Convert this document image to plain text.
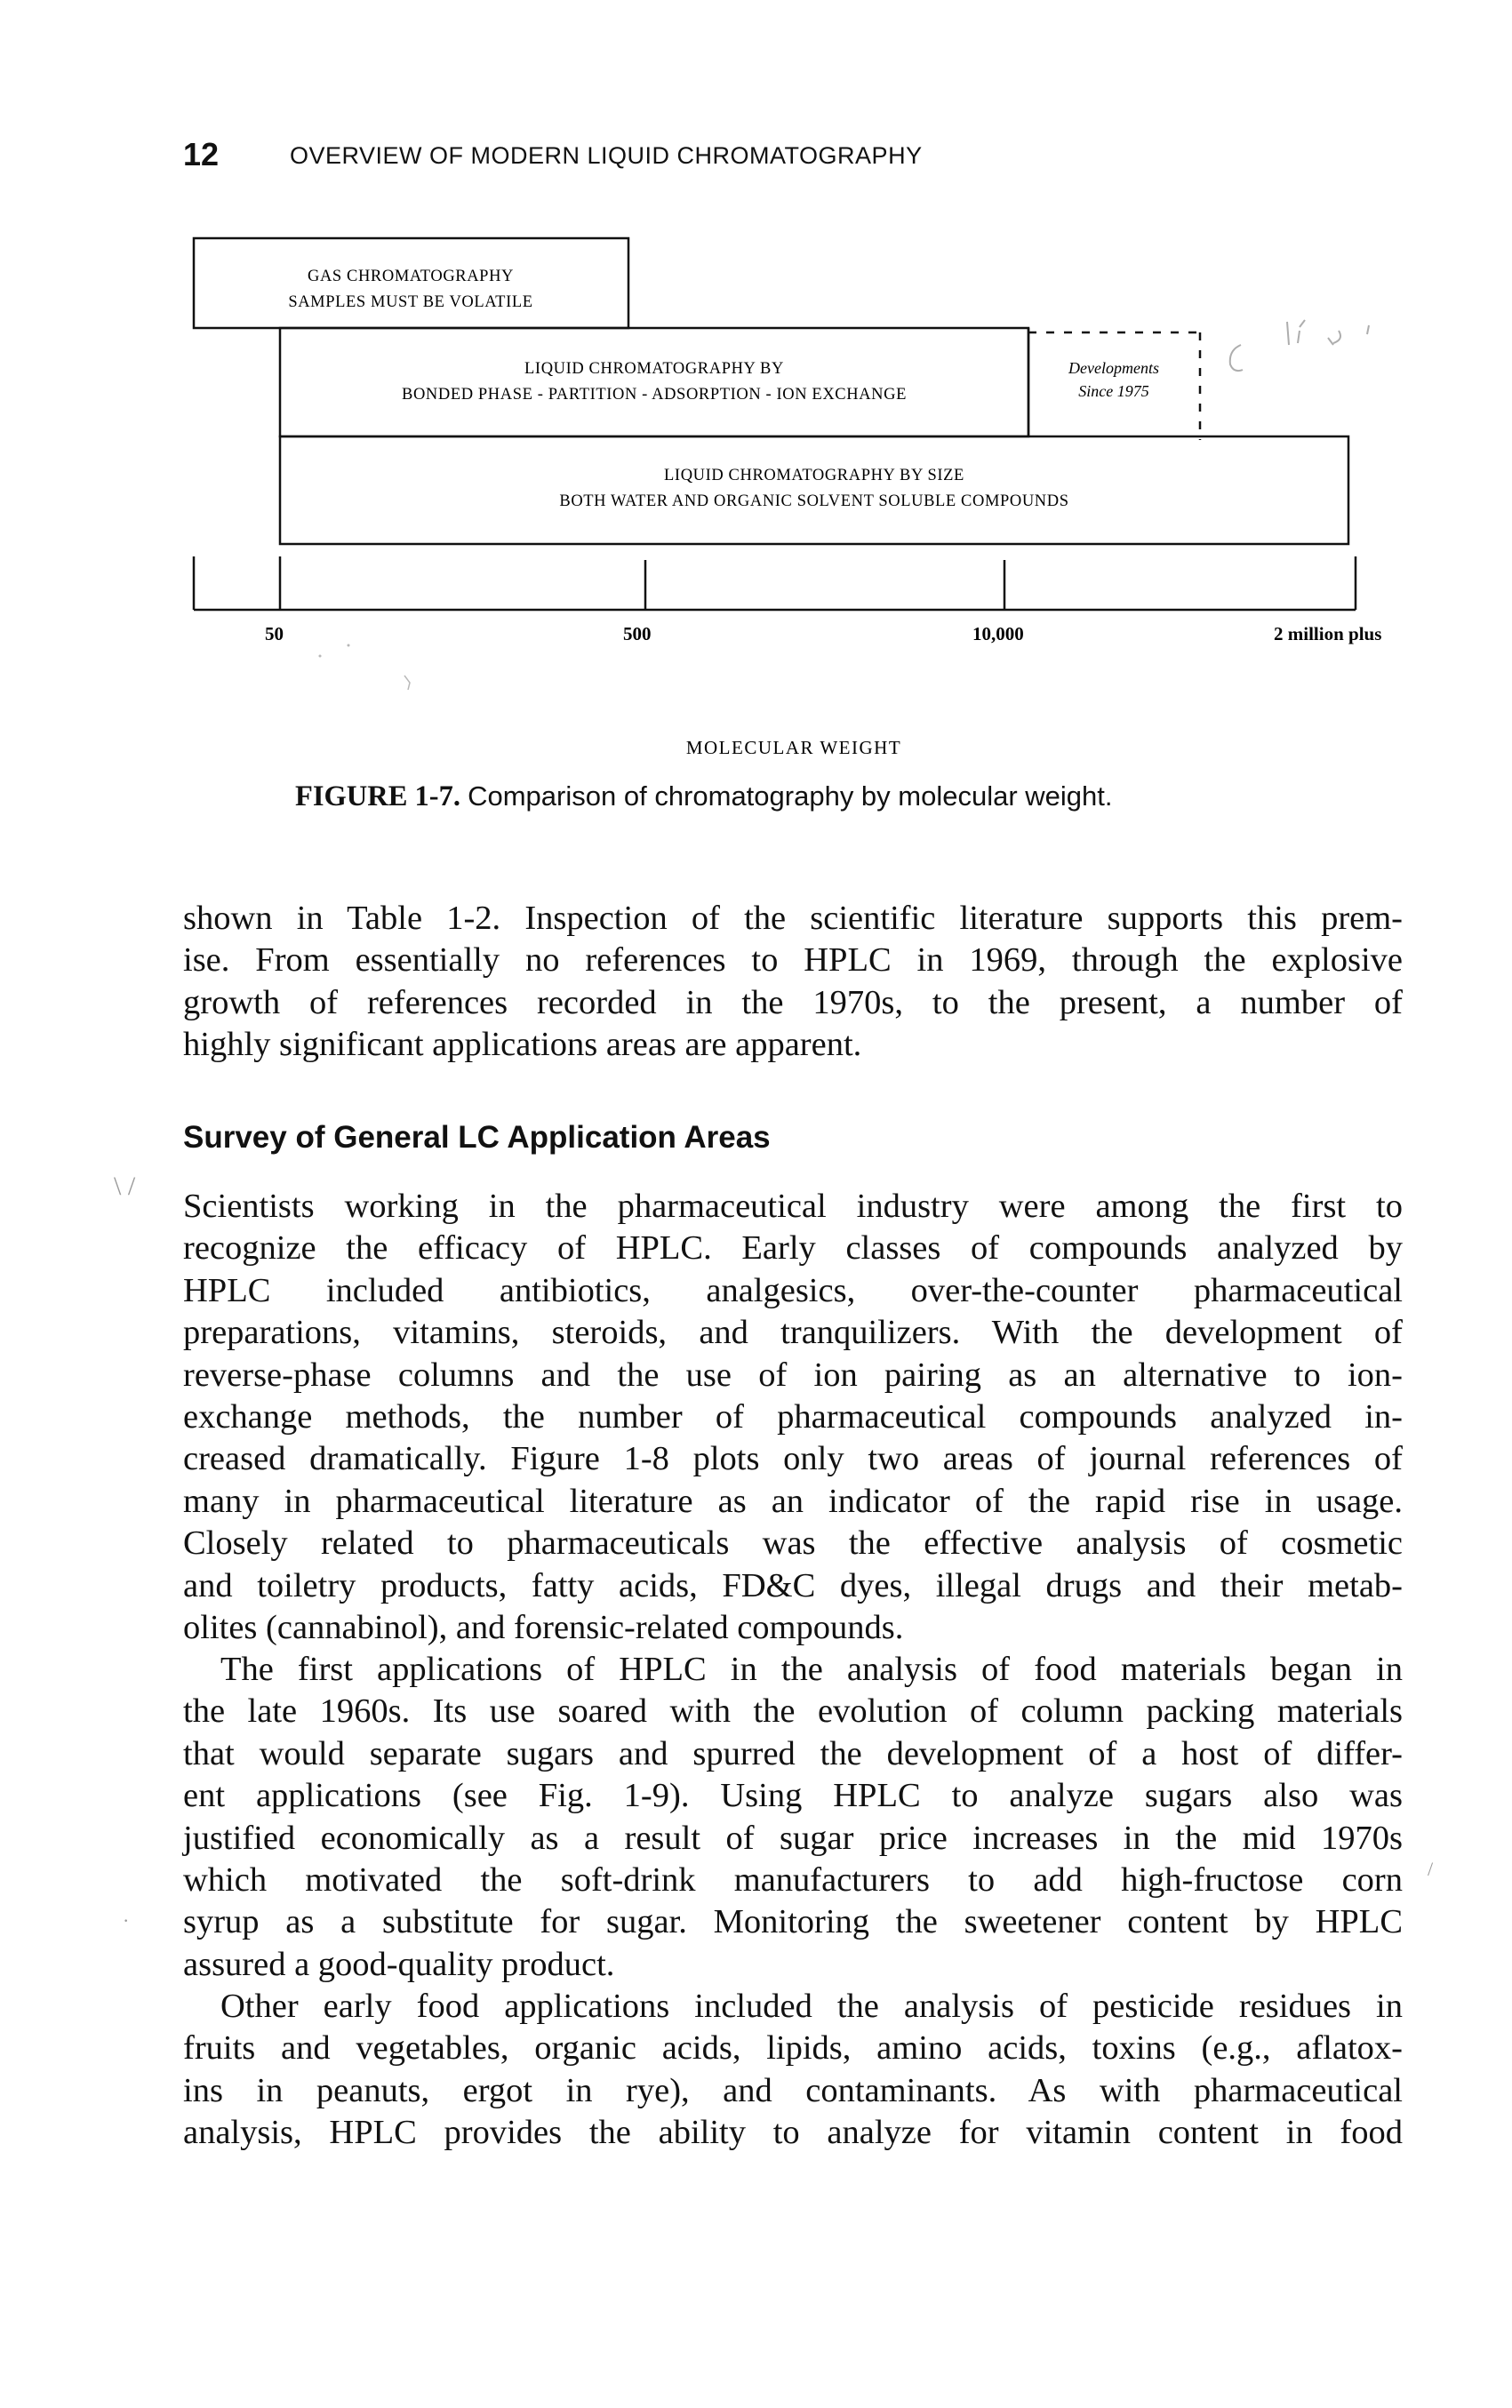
12	OVERVIEW OF MODERN LIQUID CHROMATOGRAPHY
GAS CHROMATOGRAPHY
SAMPLES MUST BE VOLATILE
LIQUID CHROMATOGRAPHY BY
BONDED PHASE - PARTITION - ADSORPTION - ION EXCHANGE
Developments
Since 1975
LIQUID CHROMATOGRAPHY BY SIZE
BOTH WATER AND ORGANIC SOLVENT SOLUBLE COMPOUNDS
50	500	10,000	2 million plus
MOLECULAR WEIGHT
FIGURE 1-7. Comparison of chromatography by molecular weight.
shown in Table 1-2. Inspection of the scientific literature supports this prem-
ise. From essentially no references to HPLC in 1969, through the explosive
growth of references recorded in the 1970s, to the present, a number of
highly significant applications areas are apparent.
Survey of General LC Application Areas
\ /
Scientists working in the pharmaceutical industry were among the first to
recognize the efficacy of HPLC. Early classes of compounds analyzed by
HPLC included antibiotics, analgesics, over-the-counter pharmaceutical
preparations, vitamins, steroids, and tranquilizers. With the development of
reverse-phase columns and the use of ion pairing as an alternative to ion-
exchange methods, the number of pharmaceutical compounds analyzed in-
creased dramatically. Figure 1-8 plots only two areas of journal references of
many in pharmaceutical literature as an indicator of the rapid rise in usage.
Closely related to pharmaceuticals was the effective analysis of cosmetic
and toiletry products, fatty acids, FD&C dyes, illegal drugs and their metab-
olites (cannabinol), and forensic-related compounds.
The first applications of HPLC in the analysis of food materials began in
the late 1960s. Its use soared with the evolution of column packing materials
that would separate sugars and spurred the development of a host of differ-
ent applications (see Fig. 1-9). Using HPLC to analyze sugars also was
justified economically as a result of sugar price increases in the mid 1970s
which motivated the soft-drink manufacturers to add high-fructose corn
syrup as a substitute for sugar. Monitoring the sweetener content by HPLC
assured a good-quality product.
Other early food applications included the analysis of pesticide residues in
fruits and vegetables, organic acids, lipids, amino acids, toxins (e.g., aflatox-
ins in peanuts, ergot in rye), and contaminants. As with pharmaceutical
analysis, HPLC provides the ability to analyze for vitamin content in food
/
·
